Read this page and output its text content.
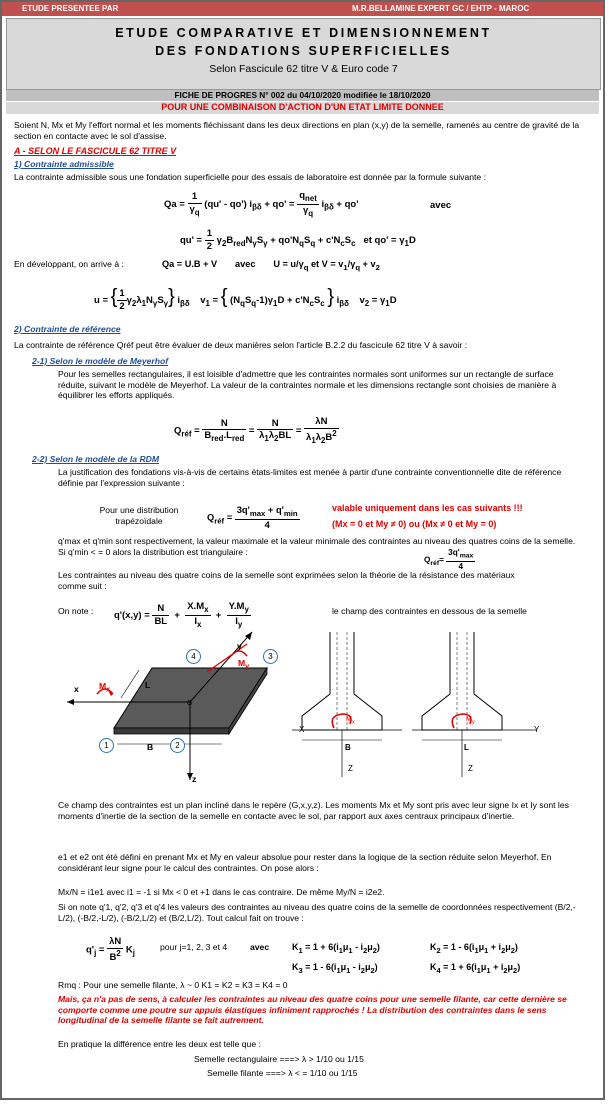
ETUDE PRESENTEE PAR	M.R.BELLAMINE EXPERT GC / EHTP - MAROC
ETUDE COMPARATIVE ET DIMENSIONNEMENT
DES FONDATIONS SUPERFICIELLES
Selon Fascicule 62 titre V & Euro code 7
FICHE DE PROGRES N° 002 du 04/10/2020 modifiée le 18/10/2020
POUR UNE COMBINAISON D'ACTION D'UN ETAT LIMITE DONNEE
Soient N, Mx et My l'effort normal et les moments fléchissant dans les deux directions en plan (x,y) de la semelle, ramenés au centre de gravité de la section en contacte avec le sol d'assise.
A - SELON LE FASCICULE 62 TITRE V
1) Contrainte admissible
La contrainte admissible sous une fondation superficielle pour des essais de laboratoire est donnée par la formule suivante :
$Qa = \frac{1}{\gamma_q} (qu' - qo') i_{\beta\delta} + qo' = \frac{q_{net}}{\gamma_q} i_{\beta\delta} + qo'$	avec
$qu' = \frac{1}{2} \gamma_2B_{red}N_\gamma S_\gamma + qo'N_qS_q + c'N_cS_c$   et $qo' = \gamma_1D$
En développant, on arrive à :	Qa = U.B + V       avec       $U = u/\gamma_q$ et $V = v_1/\gamma_q + v_2$
u = { $\frac{1}{2} \gamma_2\lambda_1N_\gamma S_\gamma$} $i_{\beta\delta}$    $v_1$ = { $(N_qS_q-1)\gamma_1D + c'N_cS_c$ } $i_{\beta\delta}$    $v_2 = \gamma_1D$
2) Contrainte de référence
La contrainte de référence Qréf peut être évaluer de deux manières selon l'article B.2.2 du fascicule 62 titre V à savoir :
2-1) Selon le modèle de Meyerhof
Pour les semelles rectangulaires, il est loisible d'admettre que les contraintes normales sont uniformes sur un rectangle de surface réduite, suivant le modèle de Meyerhof. La valeur de la contraintes normale et les dimensions rectangle sont choisies de manière à équilibrer les efforts appliqués.
$Q_{réf} = \frac{N}{B_{red}.L_{red}} = \frac{N}{\lambda_1\lambda_2BL} = \frac{\lambda N}{\lambda_1\lambda_2B^2}$
2-2) Selon le modèle de la RDM
La justification des fondations vis-à-vis de certains états-limites est menée à partir d'une contrainte conventionnelle dite de référence définie par l'expression suivante :
Pour une distribution trapézoïdale	$Q_{réf} = \frac{3q'_{max} + q'_{min}}{4}$	valable uniquement dans les cas suivants !!!
(Mx = 0 et My ≠ 0) ou (Mx ≠ 0 et My = 0)
q'max et q'min sont respectivement, la valeur maximale et la valeur minimale des contraintes au niveau des quatres coins de la semelle. Si q'min < = 0 alors la distribution est triangulaire :
$Q_{réf}= \frac{3q'_{max}}{4}$
Les contraintes au niveau des quatre coins de la semelle sont exprimées selon la théorie de la résistance des matériaux comme suit :
On note : $q'(x,y) = \frac{N}{BL} + \frac{X.M_x}{I_x} + \frac{Y.M_y}{I_y}$	le champ des contraintes en dessous de la semelle
x $M_x$	L
y
$M_y$
G
B
z
1	2
3
4
X	Y
$M_x$	$M_y$
B	L
Z	Z
Ce champ des contraintes est un plan incliné dans le repère (G,x,y,z). Les moments Mx et My sont pris avec leur signe Ix et Iy sont les moments d'inertie de la section de la semelle en contacte avec le sol, par rapport aux axes centraux principaux d'inertie.
e1 et e2 ont été défini en prenant Mx et My en valeur absolue pour rester dans la logique de la section réduite selon Meyerhof. En considérant leur signe pour le calcul des contraintes. On pose alors :
Mx/N = i1e1 avec i1 = -1 si Mx < 0 et +1 dans le cas contraire. De même My/N = i2e2.
Si on note q'1, q'2, q'3 et q'4 les valeurs des contraintes au niveau des quatre coins de la semelle de coordonnées respectivement (B/2,-L/2), (-B/2,-L/2), (-B/2,L/2) et (B/2,L/2). Tout calcul fait on trouve :
$q'_j = \frac{\lambda N}{B^2} K_j$
pour j=1, 2, 3 et 4	avec	$K_1 = 1 + 6(i_1\mu_1 - i_2\mu_2)$	$K_2 = 1 - 6(i_1\mu_1 + i_2\mu_2)$
$K_3 = 1 - 6(i_1\mu_1 - i_2\mu_2)$	$K_4 = 1 + 6(i_1\mu_1 + i_2\mu_2)$
Rmq : Pour une semelle filante, λ ~ 0 K1 = K2 = K3 = K4 = 0
Mais, ça n'a pas de sens, à calculer les contraintes au niveau des quatre coins pour une semelle filante, car cette dernière se comporte comme une poutre sur appuis élastiques infiniment rapprochés ! La distribution des contraintes dans le sens longitudinal de la semelle filante se fait autrement.
En pratique la différence entre les deux est telle que :
Semelle rectangulaire ===> λ > 1/10 ou 1/15
Semelle filante ===> λ < = 1/10 ou 1/15
